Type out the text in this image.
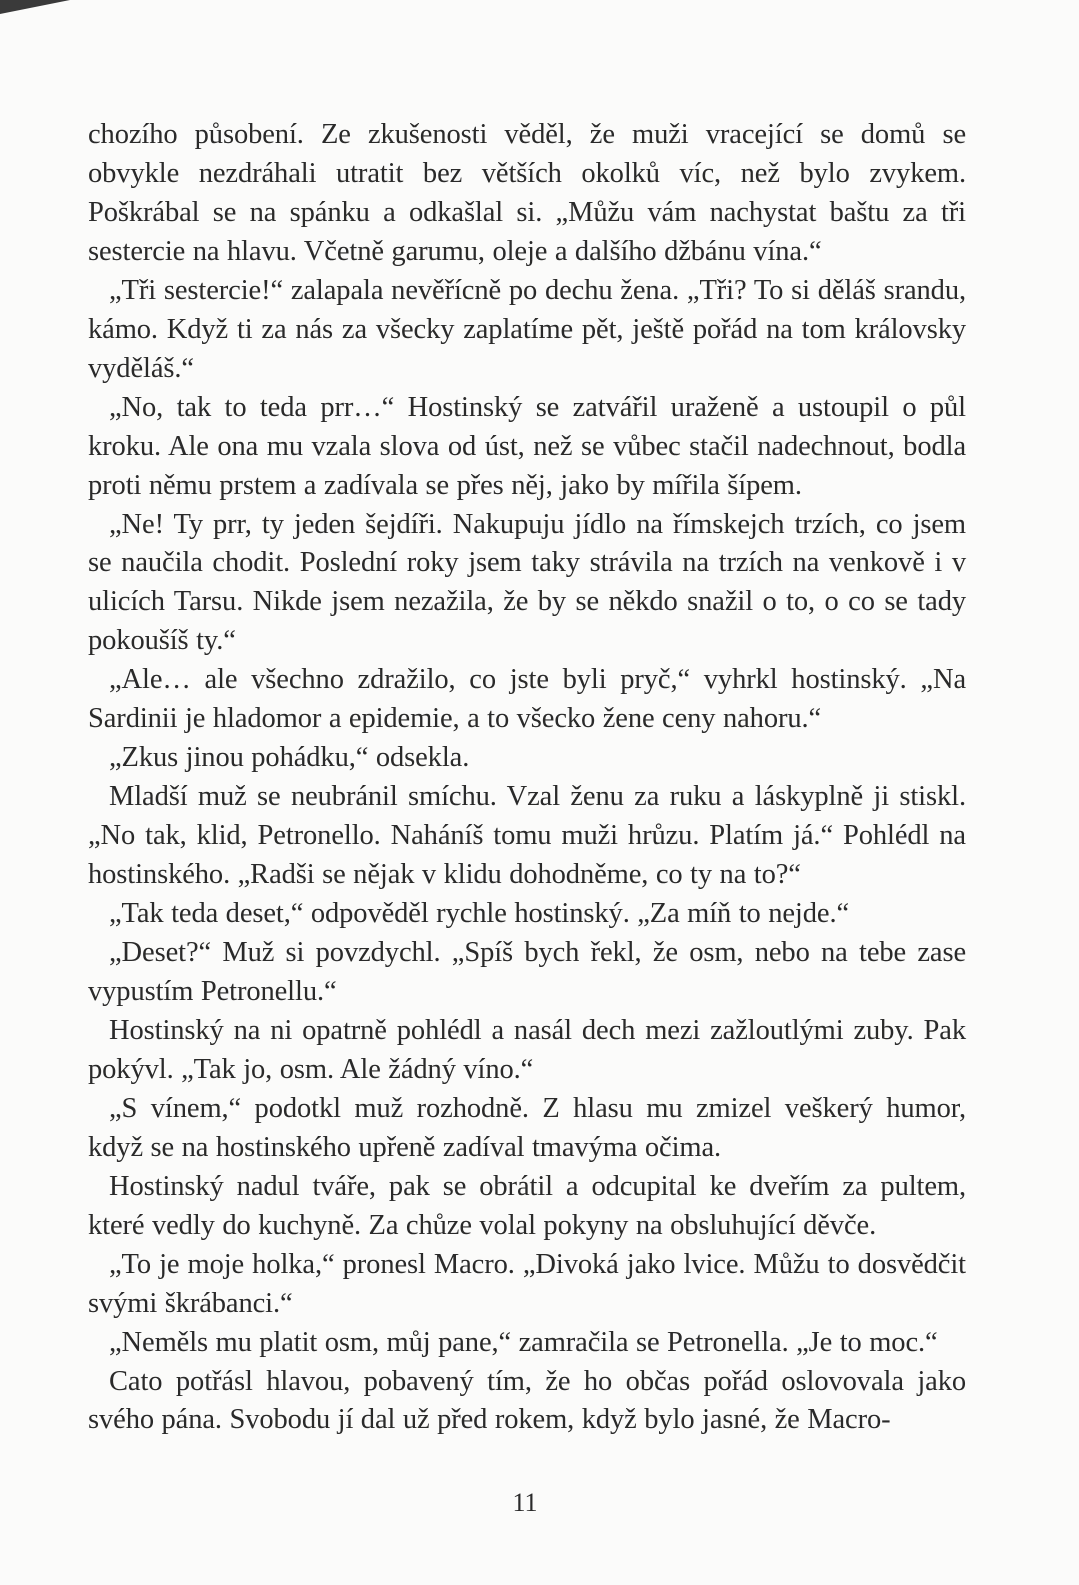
chozího působení. Ze zkušenosti věděl, že muži vracející se domů se obvykle nezdráhali utratit bez větších okolků víc, než bylo zvykem. Poškrábal se na spánku a odkašlal si. „Můžu vám nachystat baštu za tři sestercie na hlavu. Včetně garumu, oleje a dalšího džbánu vína.“

„Tři sestercie!“ zalapala nevěřícně po dechu žena. „Tři? To si děláš srandu, kámo. Když ti za nás za všecky zaplatíme pět, ještě pořád na tom královsky vyděláš.“

„No, tak to teda prr…“ Hostinský se zatvářil uraženě a ustoupil o půl kroku. Ale ona mu vzala slova od úst, než se vůbec stačil nadechnout, bodla proti němu prstem a zadívala se přes něj, jako by mířila šípem.

„Ne! Ty prr, ty jeden šejdíři. Nakupuju jídlo na římskejch trzích, co jsem se naučila chodit. Poslední roky jsem taky strávila na trzích na venkově i v ulicích Tarsu. Nikde jsem nezažila, že by se někdo snažil o to, o co se tady pokoušíš ty.“

„Ale… ale všechno zdražilo, co jste byli pryč,“ vyhrkl hostinský. „Na Sardinii je hladomor a epidemie, a to všecko žene ceny nahoru.“

„Zkus jinou pohádku,“ odsekla.

Mladší muž se neubránil smíchu. Vzal ženu za ruku a láskyplně ji stiskl. „No tak, klid, Petronello. Naháníš tomu muži hrůzu. Platím já.“ Pohlédl na hostinského. „Radši se nějak v klidu dohodněme, co ty na to?“

„Tak teda deset,“ odpověděl rychle hostinský. „Za míň to nejde.“

„Deset?“ Muž si povzdychl. „Spíš bych řekl, že osm, nebo na tebe zase vypustím Petronellu.“

Hostinský na ni opatrně pohlédl a nasál dech mezi zažloutlými zuby. Pak pokývl. „Tak jo, osm. Ale žádný víno.“

„S vínem,“ podotkl muž rozhodně. Z hlasu mu zmizel veškerý humor, když se na hostinského upřeně zadíval tmavýma očima.

Hostinský nadul tváře, pak se obrátil a odcupital ke dveřím za pultem, které vedly do kuchyně. Za chůze volal pokyny na obsluhující děvče.

„To je moje holka,“ pronesl Macro. „Divoká jako lvice. Můžu to dosvědčit svými škrábanci.“

„Neměls mu platit osm, můj pane,“ zamračila se Petronella. „Je to moc.“

Cato potřásl hlavou, pobavený tím, že ho občas pořád oslovovala jako svého pána. Svobodu jí dal už před rokem, když bylo jasné, že Macro-

11
